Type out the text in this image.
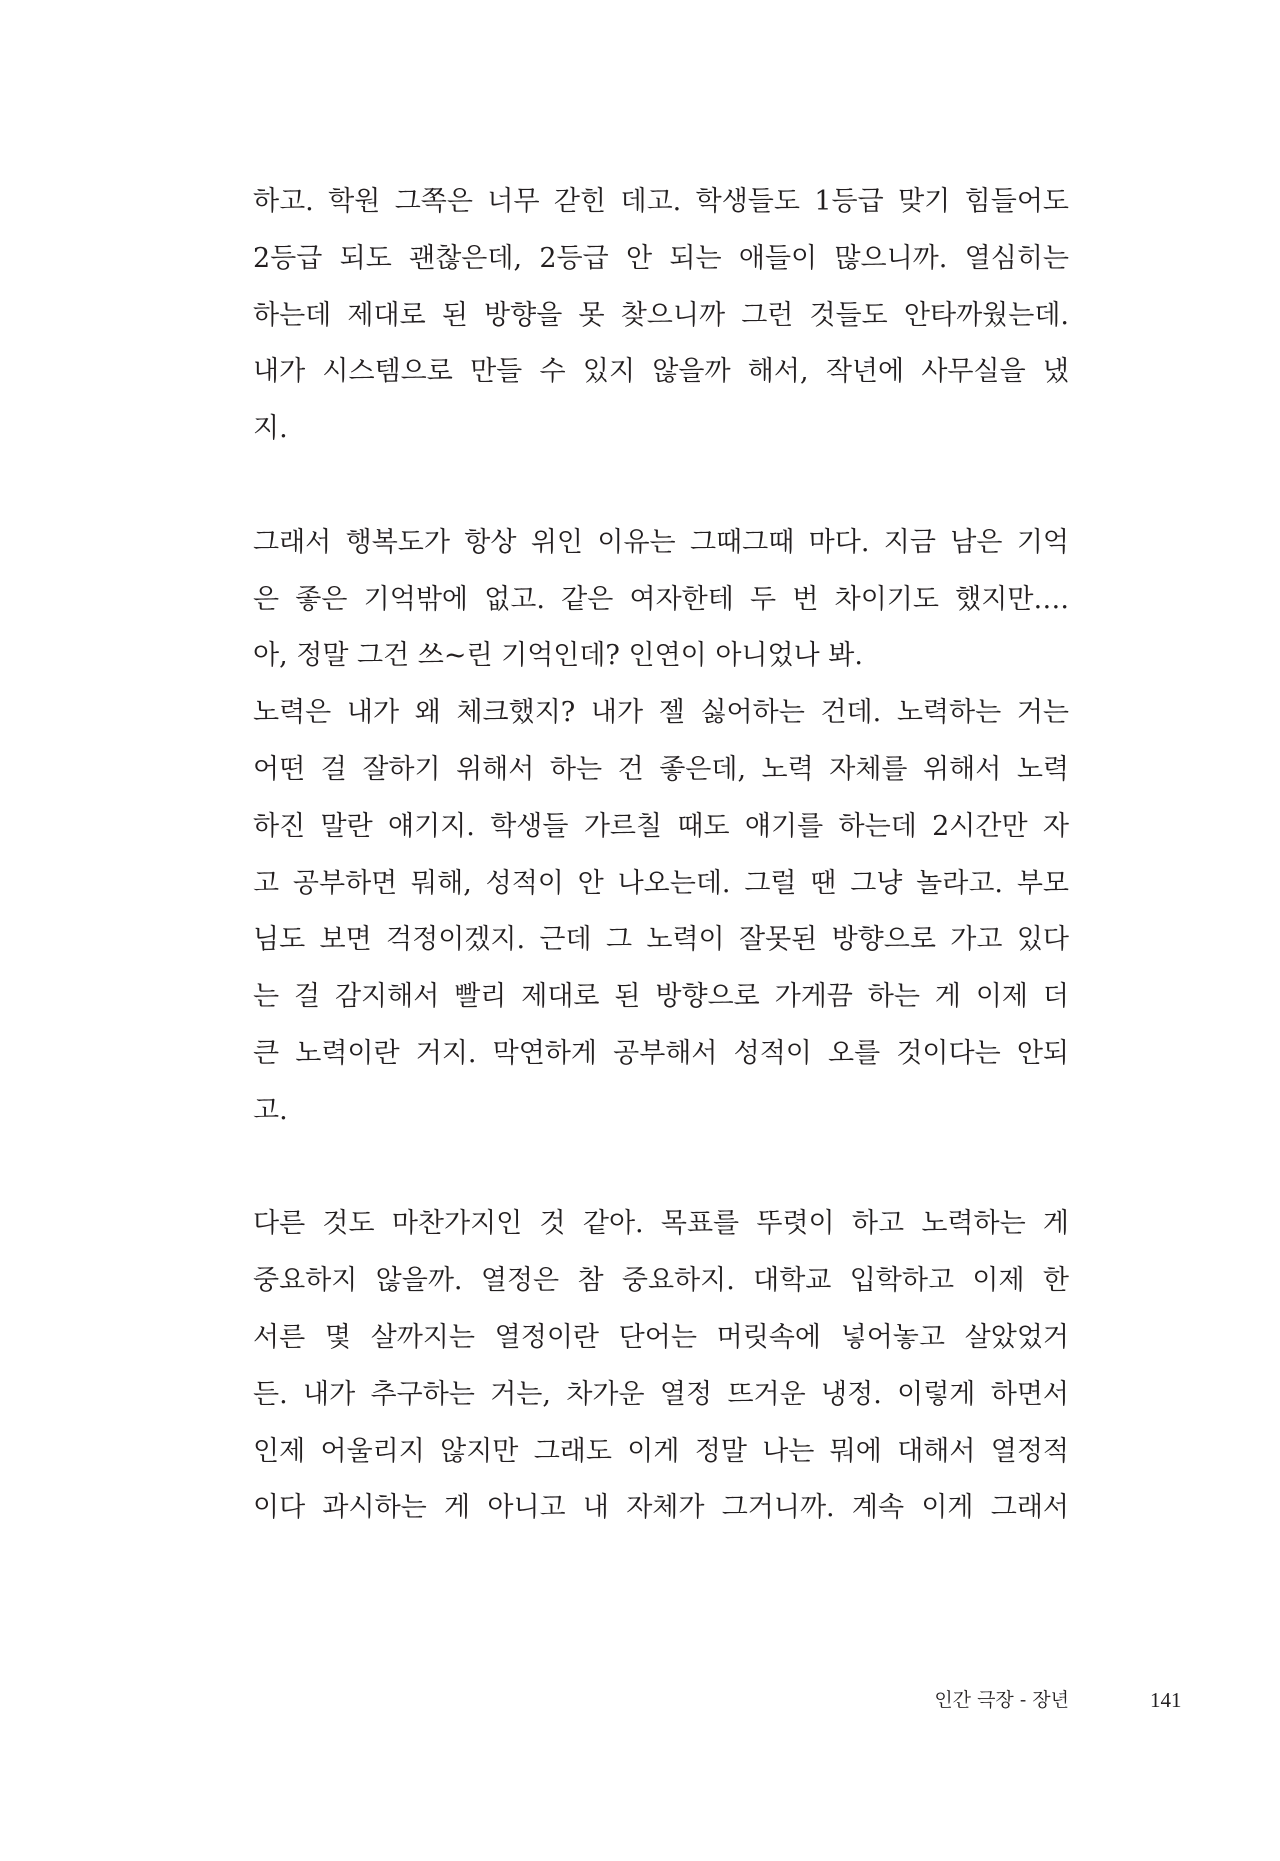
하고. 학원 그쪽은 너무 갇힌 데고. 학생들도 1등급 맞기 힘들어도
2등급 되도 괜찮은데, 2등급 안 되는 애들이 많으니까. 열심히는
하는데 제대로 된 방향을 못 찾으니까 그런 것들도 안타까웠는데.
내가 시스템으로 만들 수 있지 않을까 해서, 작년에 사무실을 냈
지.

그래서 행복도가 항상 위인 이유는 그때그때 마다. 지금 남은 기억
은 좋은 기억밖에 없고. 같은 여자한테 두 번 차이기도 했지만….
아, 정말 그건 쓰~린 기억인데? 인연이 아니었나 봐.

노력은 내가 왜 체크했지? 내가 젤 싫어하는 건데. 노력하는 거는
어떤 걸 잘하기 위해서 하는 건 좋은데, 노력 자체를 위해서 노력
하진 말란 얘기지. 학생들 가르칠 때도 얘기를 하는데 2시간만 자
고 공부하면 뭐해, 성적이 안 나오는데. 그럴 땐 그냥 놀라고. 부모
님도 보면 걱정이겠지. 근데 그 노력이 잘못된 방향으로 가고 있다
는 걸 감지해서 빨리 제대로 된 방향으로 가게끔 하는 게 이제 더
큰 노력이란 거지. 막연하게 공부해서 성적이 오를 것이다는 안되
고.

다른 것도 마찬가지인 것 같아. 목표를 뚜렷이 하고 노력하는 게
중요하지 않을까. 열정은 참 중요하지. 대학교 입학하고 이제 한
서른 몇 살까지는 열정이란 단어는 머릿속에 넣어놓고 살았었거
든. 내가 추구하는 거는, 차가운 열정 뜨거운 냉정. 이렇게 하면서
인제 어울리지 않지만 그래도 이게 정말 나는 뭐에 대해서 열정적
이다 과시하는 게 아니고 내 자체가 그거니까. 계속 이게 그래서

인간 극장 - 장년	141
